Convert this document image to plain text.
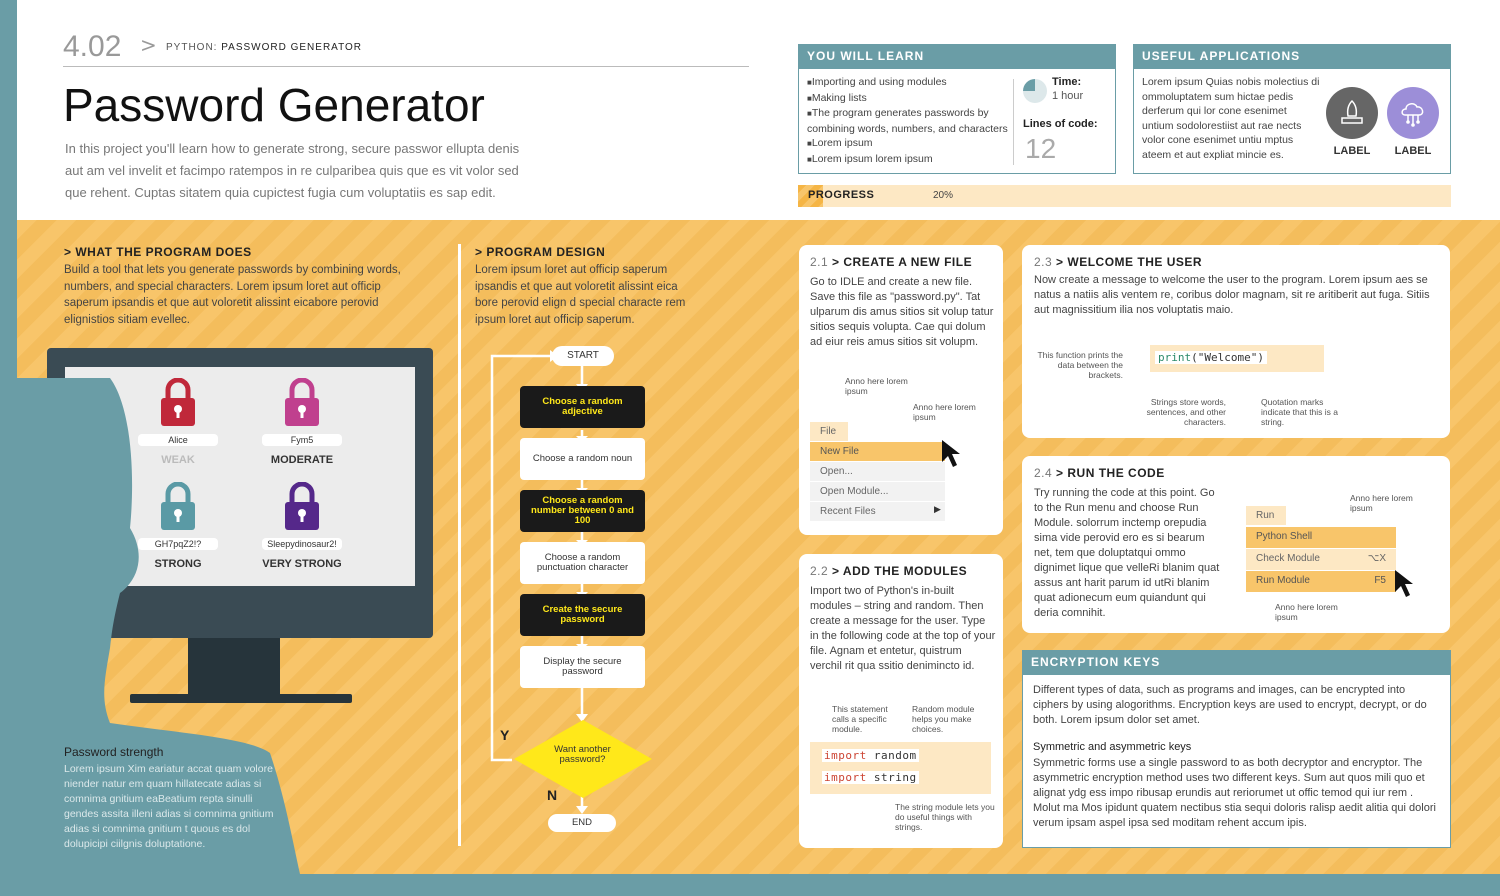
4.02 > PYTHON: PASSWORD GENERATOR
Password Generator
In this project you'll learn how to generate strong, secure passwor ellupta denis aut am vel invelit et facimpo ratempos in re culparibea quis que es vit volor sed que rehent. Cuptas sitatem quia cupictest fugia cum voluptatiis es sap edit.
YOU WILL LEARN
■ Importing and using modules
■ Making lists
■ The program generates passwords by combining words, numbers, and characters
■ Lorem ipsum
■ Lorem ipsum lorem ipsum
Time:
1 hour
Lines of code:
12
USEFUL APPLICATIONS
Lorem ipsum Quias nobis molectius di ommoluptatem sum hictae pedis derferum qui lor cone esenimet untium sodolorestiist aut rae nects volor cone esenimet untiu mptus ateem et aut expliat mincie es.	LABEL	LABEL
PROGRESS	20%
> WHAT THE PROGRAM DOES
Build a tool that lets you generate passwords by combining words, numbers, and special characters. Lorem ipsum loret aut officip saperum ipsandis et que aut voloretit alissint eicabore perovid elignistios sitiam evellec.
Alice
WEAK
Fym5
MODERATE
GH7pqZ2!?
STRONG
Sleepydinosaur2!
VERY STRONG
Password strength
Lorem ipsum Xim eariatur accat quam volore niender natur em quam hillatecate adias si comnima gnitium eaBeatium repta sinulli gendes assita illeni adias si comnima gnitium adias si comnima gnitium t quous es dol dolupicipi ciilgnis doluptatione.
> PROGRAM DESIGN
Lorem ipsum loret aut officip saperum ipsandis et que aut voloretit alissint eica bore perovid elign d special characte rem ipsum loret aut officip saperum.
START
Choose a random adjective
Choose a random noun
Choose a random number between 0 and 100
Choose a random punctuation character
Create the secure password
Display the secure password
Want another password?
Y
N
END
2.1 > CREATE A NEW FILE
Go to IDLE and create a new file. Save this file as "password.py". Tat ulparum dis amus sitios sit volup tatur sitios sequis volupta. Cae qui dolum ad eiur reis amus sitios sit volupm.
Anno here lorem ipsum
Anno here lorem ipsum
File
New File
Open...
Open Module...
Recent Files	▶
2.2 > ADD THE MODULES
Import two of Python's in-built modules – string and random. Then create a message for the user. Type in the following code at the top of your file. Agnam et entetur, quistrum verchil rit qua ssitio denimincto id.
This statement calls a specific module.
Random module helps you make choices.
import random
import string
The string module lets you do useful things with strings.
2.3 > WELCOME THE USER
Now create a message to welcome the user to the program. Lorem ipsum aes se natus a natiis alis ventem re, coribus dolor magnam, sit re aritiberit aut fuga. Sitiis aut magnissitium ilia nos voluptatis maio.
This function prints the data between the brackets.
print("Welcome")
Strings store words, sentences, and other characters.
Quotation marks indicate that this is a string.
2.4 > RUN THE CODE
Try running the code at this point. Go to the Run menu and choose Run Module. solorrum inctemp orepudia sima vide perovid ero es si bearum net, tem que doluptatqui ommo dignimet lique que velleRi blanim quat assus ant harit parum id utRi blanim quat adionecum eum quiandunt qui deria comnihit.
Anno here lorem ipsum
Run
Python Shell
Check Module	⌥X
Run Module	F5
Anno here lorem ipsum
ENCRYPTION KEYS
Different types of data, such as programs and images, can be encrypted into ciphers by using alogorithms. Encryption keys are used to encrypt, decrypt, or do both. Lorem ipsum dolor set amet.
Symmetric and asymmetric keys
Symmetric forms use a single password to as both decryptor and encryptor. The asymmetric encryption method uses two different keys. Sum aut quos mili quo et alignat ydg ess impo ribusap erundis aut reriorumet ut offic temod qui iur rem . Molut ma Mos ipidunt quatem nectibus stia sequi doloris ralisp aedit alitia qui dolori verum ipsam aspel ipsa sed moditam rehent accum ipis.
